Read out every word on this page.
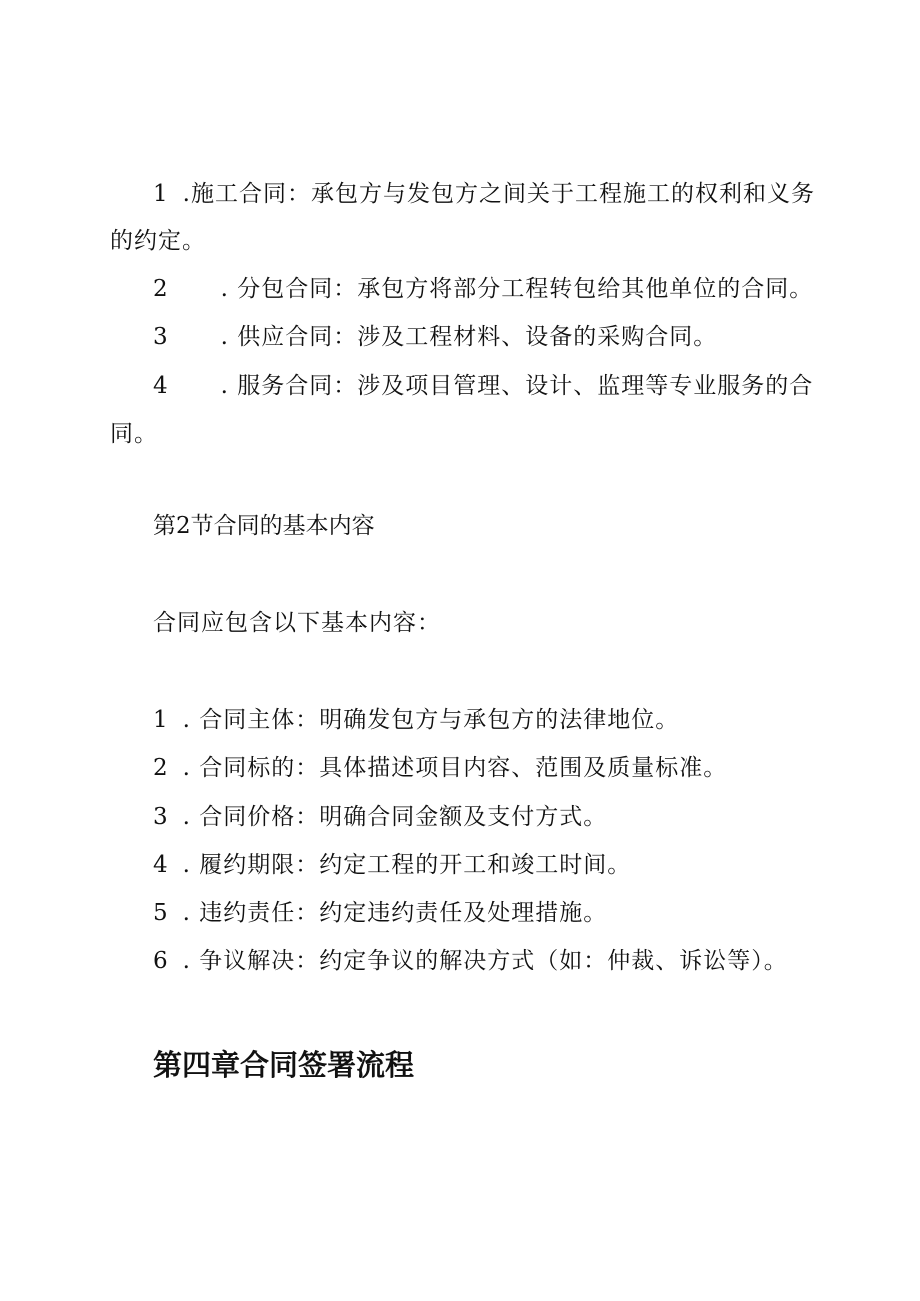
1 .施工合同：承包方与发包方之间关于工程施工的权利和义务
的约定。
2 . 分包合同：承包方将部分工程转包给其他单位的合同。
3 . 供应合同：涉及工程材料、设备的采购合同。
4 . 服务合同：涉及项目管理、设计、监理等专业服务的合
同。
第2节合同的基本内容
合同应包含以下基本内容：
1 . 合同主体：明确发包方与承包方的法律地位。
2 . 合同标的：具体描述项目内容、范围及质量标准。
3 . 合同价格：明确合同金额及支付方式。
4 . 履约期限：约定工程的开工和竣工时间。
5 . 违约责任：约定违约责任及处理措施。
6 . 争议解决：约定争议的解决方式（如：仲裁、诉讼等）。
第四章合同签署流程
